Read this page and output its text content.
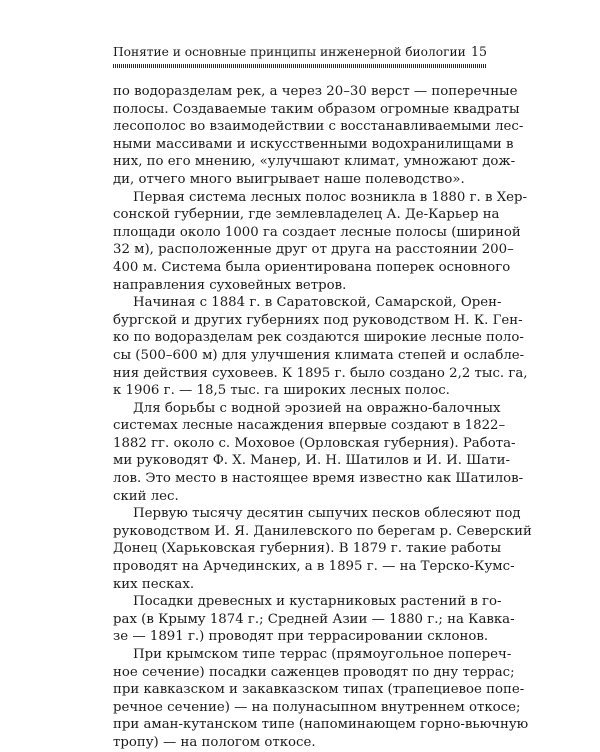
Понятие и основные принципы инженерной биологии 15

по водоразделам рек, а через 20–30 верст — поперечные
полосы. Создаваемые таким образом огромные квадраты
лесополос во взаимодействии с восстанавливаемыми лес-
ными массивами и искусственными водохранилищами в
них, по его мнению, «улучшают климат, умножают дож-
ди, отчего много выигрывает наше полеводство».

Первая система лесных полос возникла в 1880 г. в Хер-
сонской губернии, где землевладелец А. Де-Карьер на
площади около 1000 га создает лесные полосы (шириной
32 м), расположенные друг от друга на расстоянии 200–
400 м. Система была ориентирована поперек основного
направления суховейных ветров.

Начиная с 1884 г. в Саратовской, Самарской, Орен-
бургской и других губерниях под руководством Н. К. Ген-
ко по водоразделам рек создаются широкие лесные поло-
сы (500–600 м) для улучшения климата степей и ослабле-
ния действия суховеев. К 1895 г. было создано 2,2 тыс. га,
к 1906 г. — 18,5 тыс. га широких лесных полос.

Для борьбы с водной эрозией на овражно-балочных
системах лесные насаждения впервые создают в 1822–
1882 гг. около с. Моховое (Орловская губерния). Работа-
ми руководят Ф. Х. Манер, И. Н. Шатилов и И. И. Шати-
лов. Это место в настоящее время известно как Шатилов-
ский лес.

Первую тысячу десятин сыпучих песков облесяют под
руководством И. Я. Данилевского по берегам р. Северский
Донец (Харьковская губерния). В 1879 г. такие работы
проводят на Арчединских, а в 1895 г. — на Терско-Кумс-
ких песках.

Посадки древесных и кустарниковых растений в го-
рах (в Крыму 1874 г.; Средней Азии — 1880 г.; на Кавка-
зе — 1891 г.) проводят при террасировании склонов.

При крымском типе террас (прямоугольное попереч-
ное сечение) посадки саженцев проводят по дну террас;
при кавказском и закавказском типах (трапециевое попе-
речное сечение) — на полунасыпном внутреннем откосе;
при аман-кутанском типе (напоминающем горно-вьючную
тропу) — на пологом откосе.
